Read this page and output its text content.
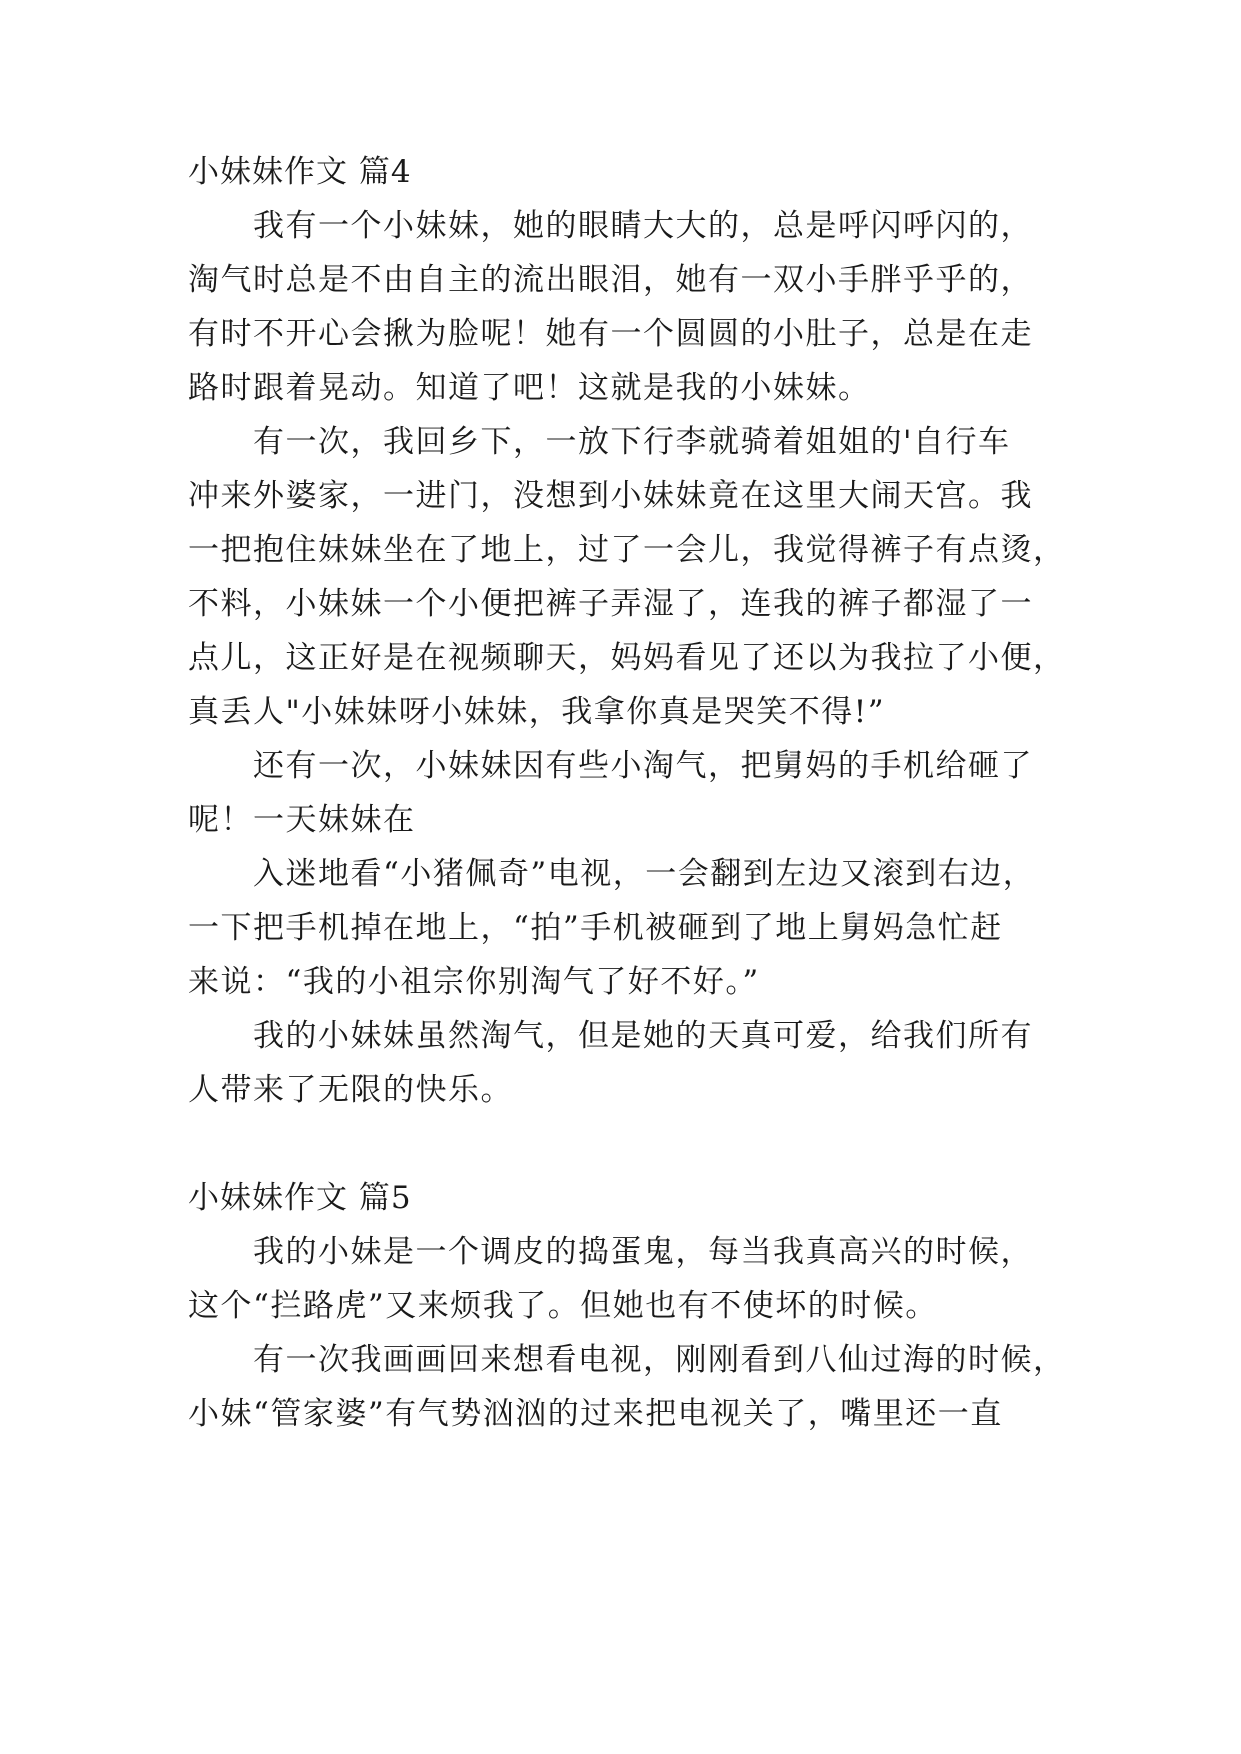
小妹妹作文 篇4
我有一个小妹妹，她的眼睛大大的，总是呼闪呼闪的，
淘气时总是不由自主的流出眼泪，她有一双小手胖乎乎的，
有时不开心会揪为脸呢！她有一个圆圆的小肚子，总是在走
路时跟着晃动。知道了吧！这就是我的小妹妹。
有一次，我回乡下，一放下行李就骑着姐姐的'自行车
冲来外婆家，一进门，没想到小妹妹竟在这里大闹天宫。我
一把抱住妹妹坐在了地上，过了一会儿，我觉得裤子有点烫，
不料，小妹妹一个小便把裤子弄湿了，连我的裤子都湿了一
点儿，这正好是在视频聊天，妈妈看见了还以为我拉了小便，
真丢人"小妹妹呀小妹妹，我拿你真是哭笑不得!”
还有一次，小妹妹因有些小淘气，把舅妈的手机给砸了
呢！一天妹妹在
入迷地看“小猪佩奇”电视，一会翻到左边又滚到右边，
一下把手机掉在地上，“拍”手机被砸到了地上舅妈急忙赶
来说：“我的小祖宗你别淘气了好不好。”
我的小妹妹虽然淘气，但是她的天真可爱，给我们所有
人带来了无限的快乐。
小妹妹作文 篇5
我的小妹是一个调皮的捣蛋鬼，每当我真高兴的时候，
这个“拦路虎”又来烦我了。但她也有不使坏的时候。
有一次我画画回来想看电视，刚刚看到八仙过海的时候，
小妹“管家婆”有气势汹汹的过来把电视关了，嘴里还一直
